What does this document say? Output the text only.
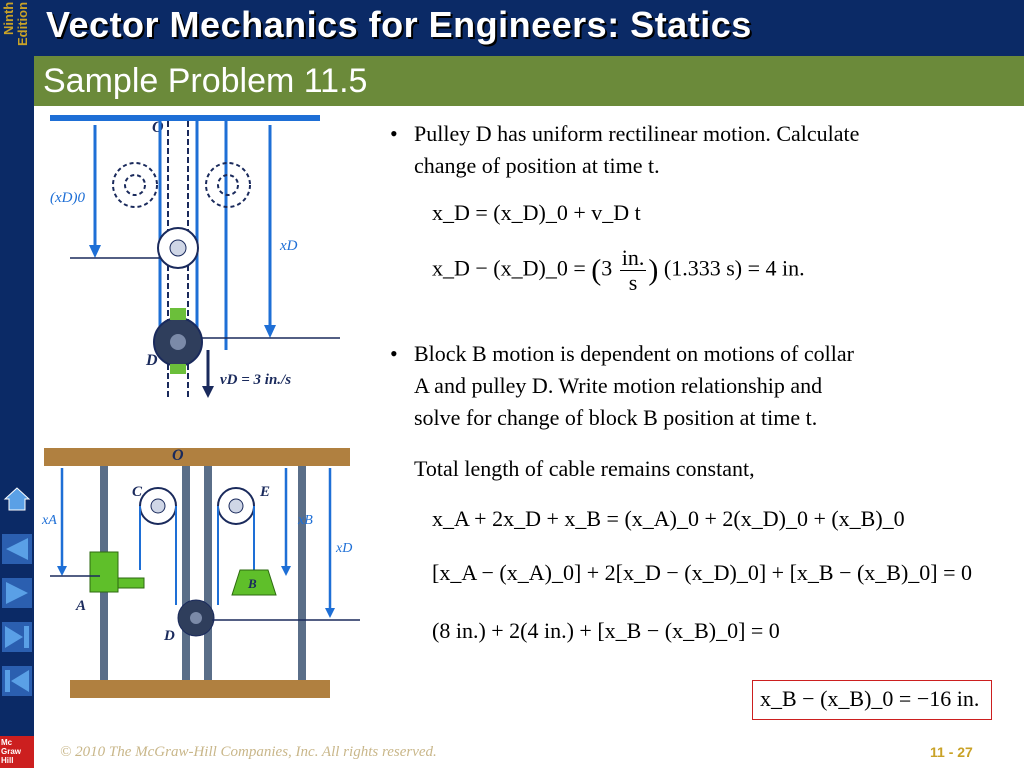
Ninth Edition Vector Mechanics for Engineers: Statics
Sample Problem 11.5
O
(xD)0
xD
D
vD = 3 in./s
O
C	E
A
B
D
xA	xB
xD
• Pulley D has uniform rectilinear motion. Calculate
change of position at time t.
x_D = (x_D)_0 + v_D t
x_D − (x_D)_0 = ($3 \frac{in.}{s}$ ) (1.333 s) = 4 in.
• Block B motion is dependent on motions of collar
A and pulley D. Write motion relationship and
solve for change of block B position at time t.
Total length of cable remains constant,
x_A + 2x_D + x_B = (x_A)_0 + 2(x_D)_0 + (x_B)_0
[x_A − (x_A)_0] + 2[x_D − (x_D)_0] + [x_B − (x_B)_0] = 0
(8 in.) + 2(4 in.) + [x_B − (x_B)_0] = 0
x_B − (x_B)_0 = −16 in.
Mc Graw Hill
© 2010 The McGraw-Hill Companies, Inc. All rights reserved.	11 - 27
